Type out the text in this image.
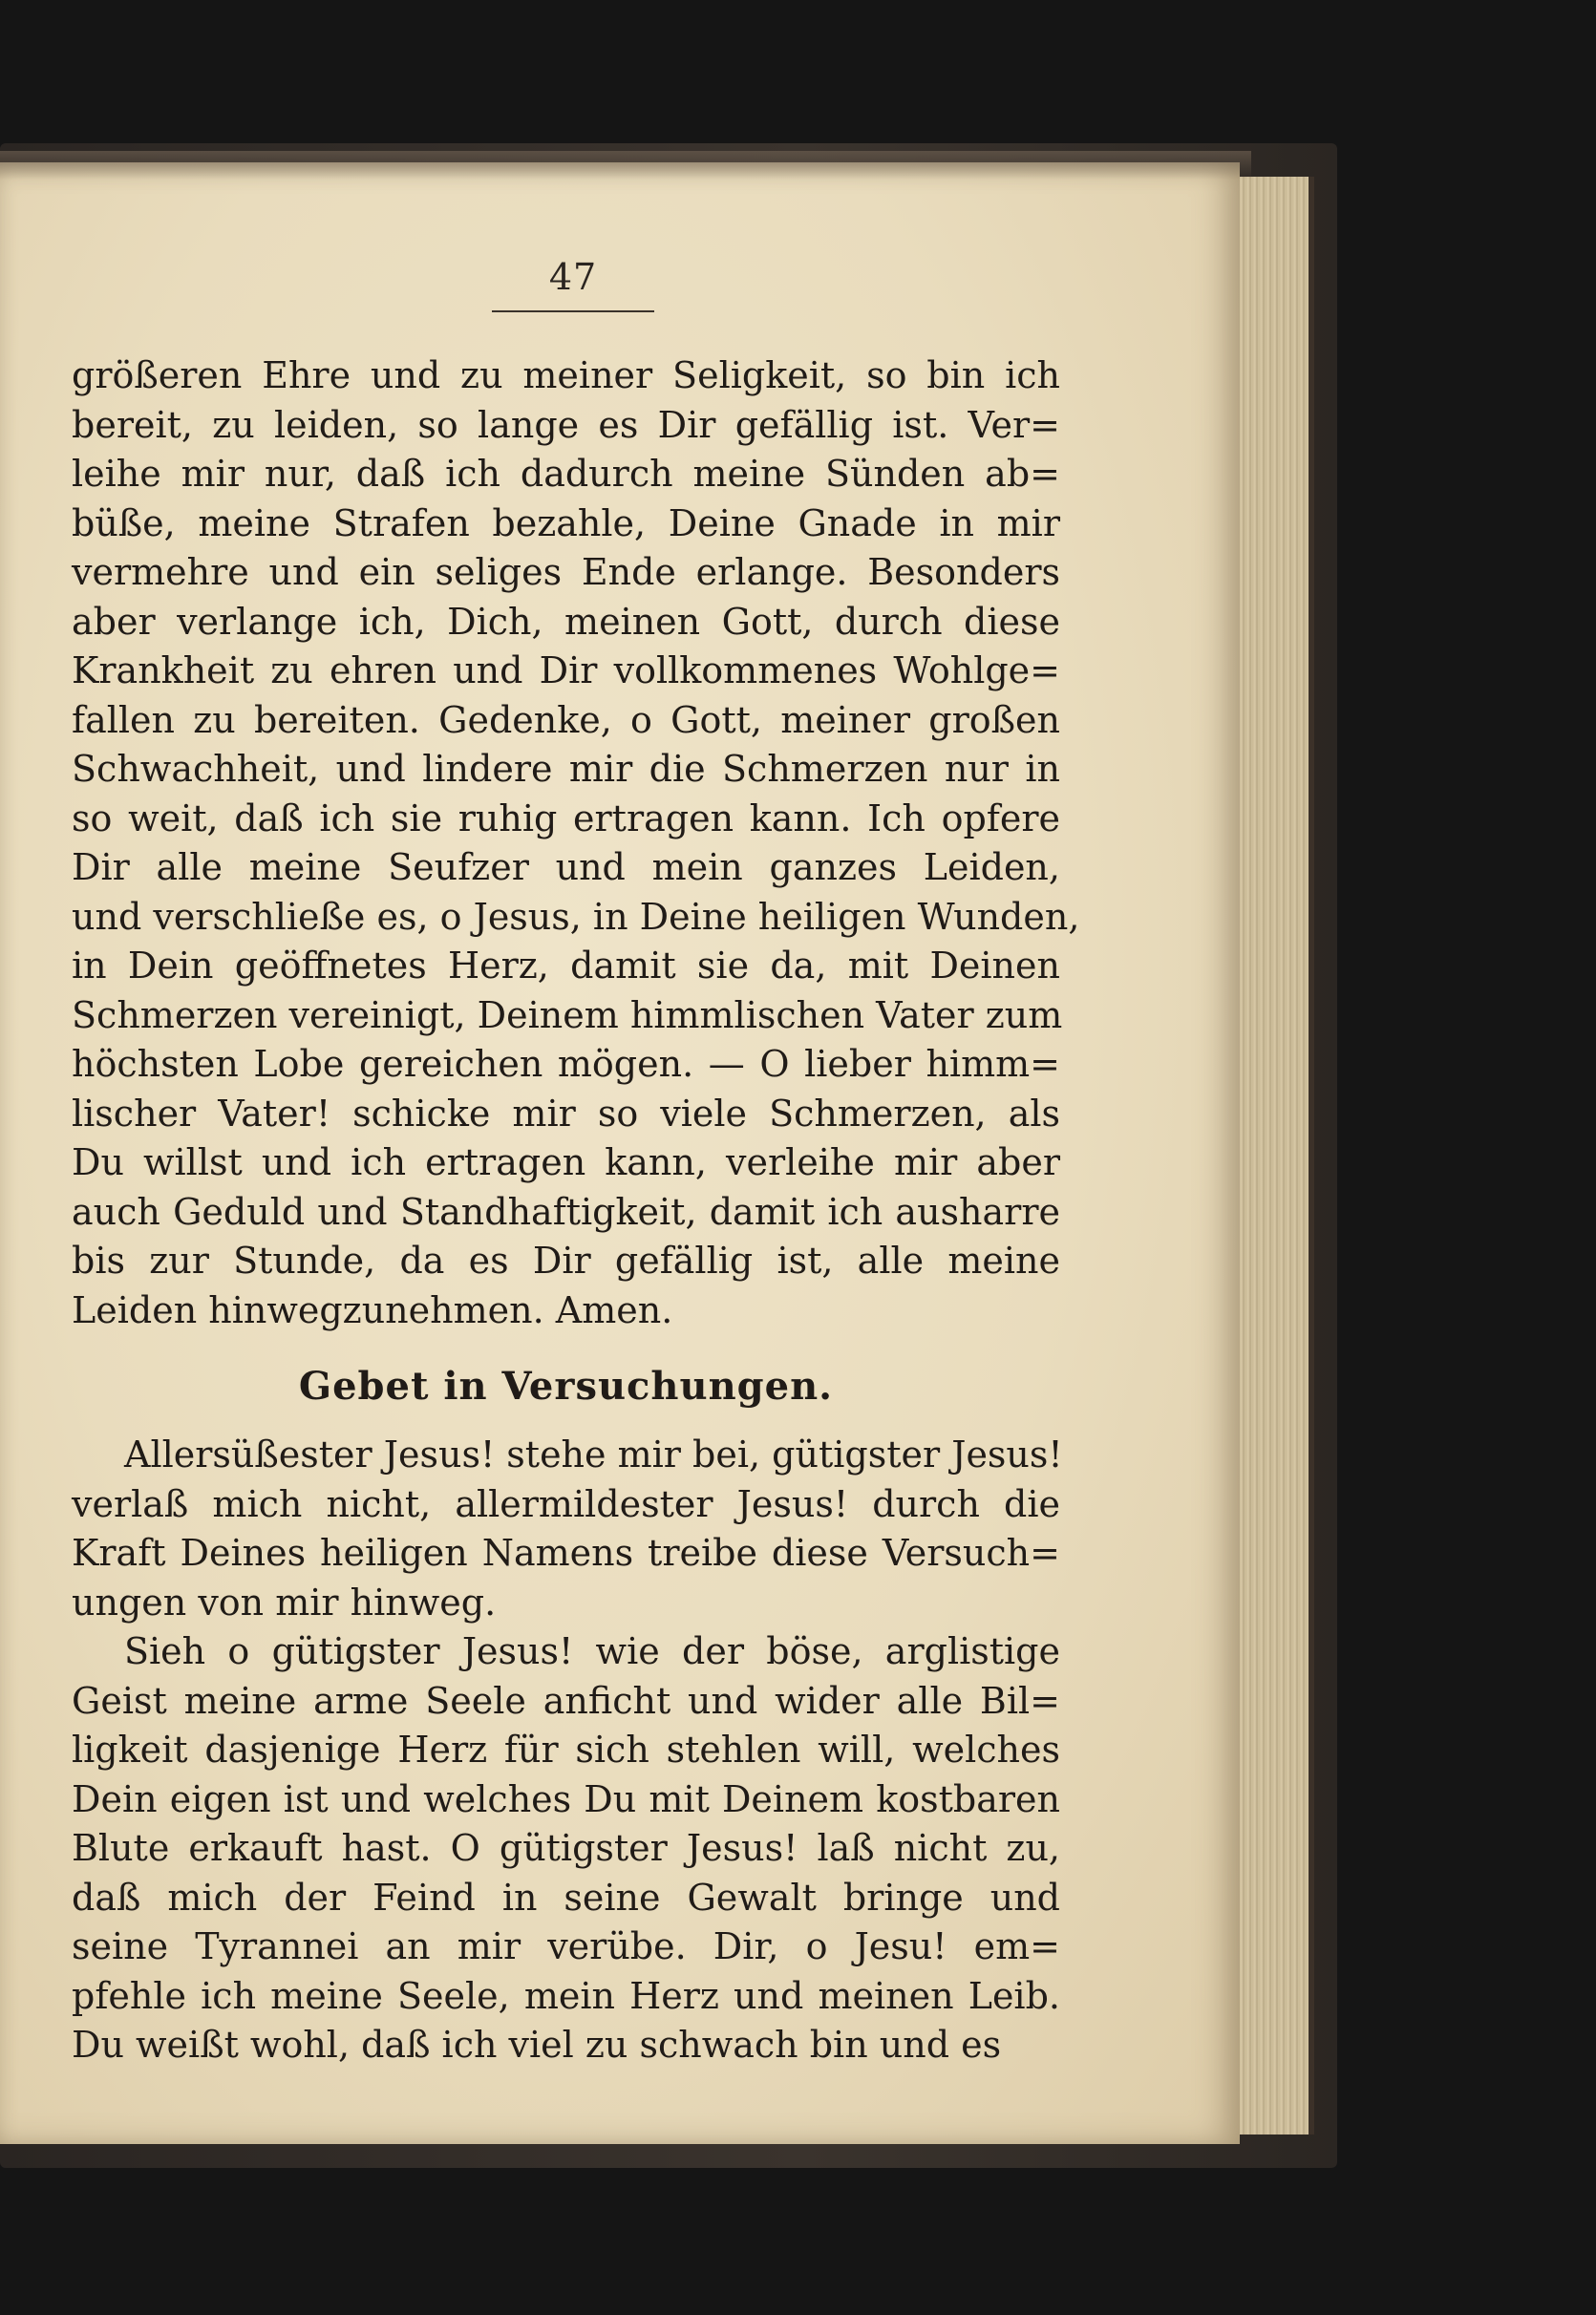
47
größeren Ehre und zu meiner Seligkeit, so bin ich
bereit, zu leiden, so lange es Dir gefällig ist. Ver=
leihe mir nur, daß ich dadurch meine Sünden ab=
büße, meine Strafen bezahle, Deine Gnade in mir
vermehre und ein seliges Ende erlange. Besonders
aber verlange ich, Dich, meinen Gott, durch diese
Krankheit zu ehren und Dir vollkommenes Wohlge=
fallen zu bereiten. Gedenke, o Gott, meiner großen
Schwachheit, und lindere mir die Schmerzen nur in
so weit, daß ich sie ruhig ertragen kann. Ich opfere
Dir alle meine Seufzer und mein ganzes Leiden,
und verschließe es, o Jesus, in Deine heiligen Wunden,
in Dein geöffnetes Herz, damit sie da, mit Deinen
Schmerzen vereinigt, Deinem himmlischen Vater zum
höchsten Lobe gereichen mögen. — O lieber himm=
lischer Vater! schicke mir so viele Schmerzen, als
Du willst und ich ertragen kann, verleihe mir aber
auch Geduld und Standhaftigkeit, damit ich ausharre
bis zur Stunde, da es Dir gefällig ist, alle meine
Leiden hinwegzunehmen. Amen.
Gebet in Versuchungen.
Allersüßester Jesus! stehe mir bei, gütigster Jesus!
verlaß mich nicht, allermildester Jesus! durch die
Kraft Deines heiligen Namens treibe diese Versuch=
ungen von mir hinweg.
Sieh o gütigster Jesus! wie der böse, arglistige
Geist meine arme Seele anficht und wider alle Bil=
ligkeit dasjenige Herz für sich stehlen will, welches
Dein eigen ist und welches Du mit Deinem kostbaren
Blute erkauft hast. O gütigster Jesus! laß nicht zu,
daß mich der Feind in seine Gewalt bringe und
seine Tyrannei an mir verübe. Dir, o Jesu! em=
pfehle ich meine Seele, mein Herz und meinen Leib.
Du weißt wohl, daß ich viel zu schwach bin und es
